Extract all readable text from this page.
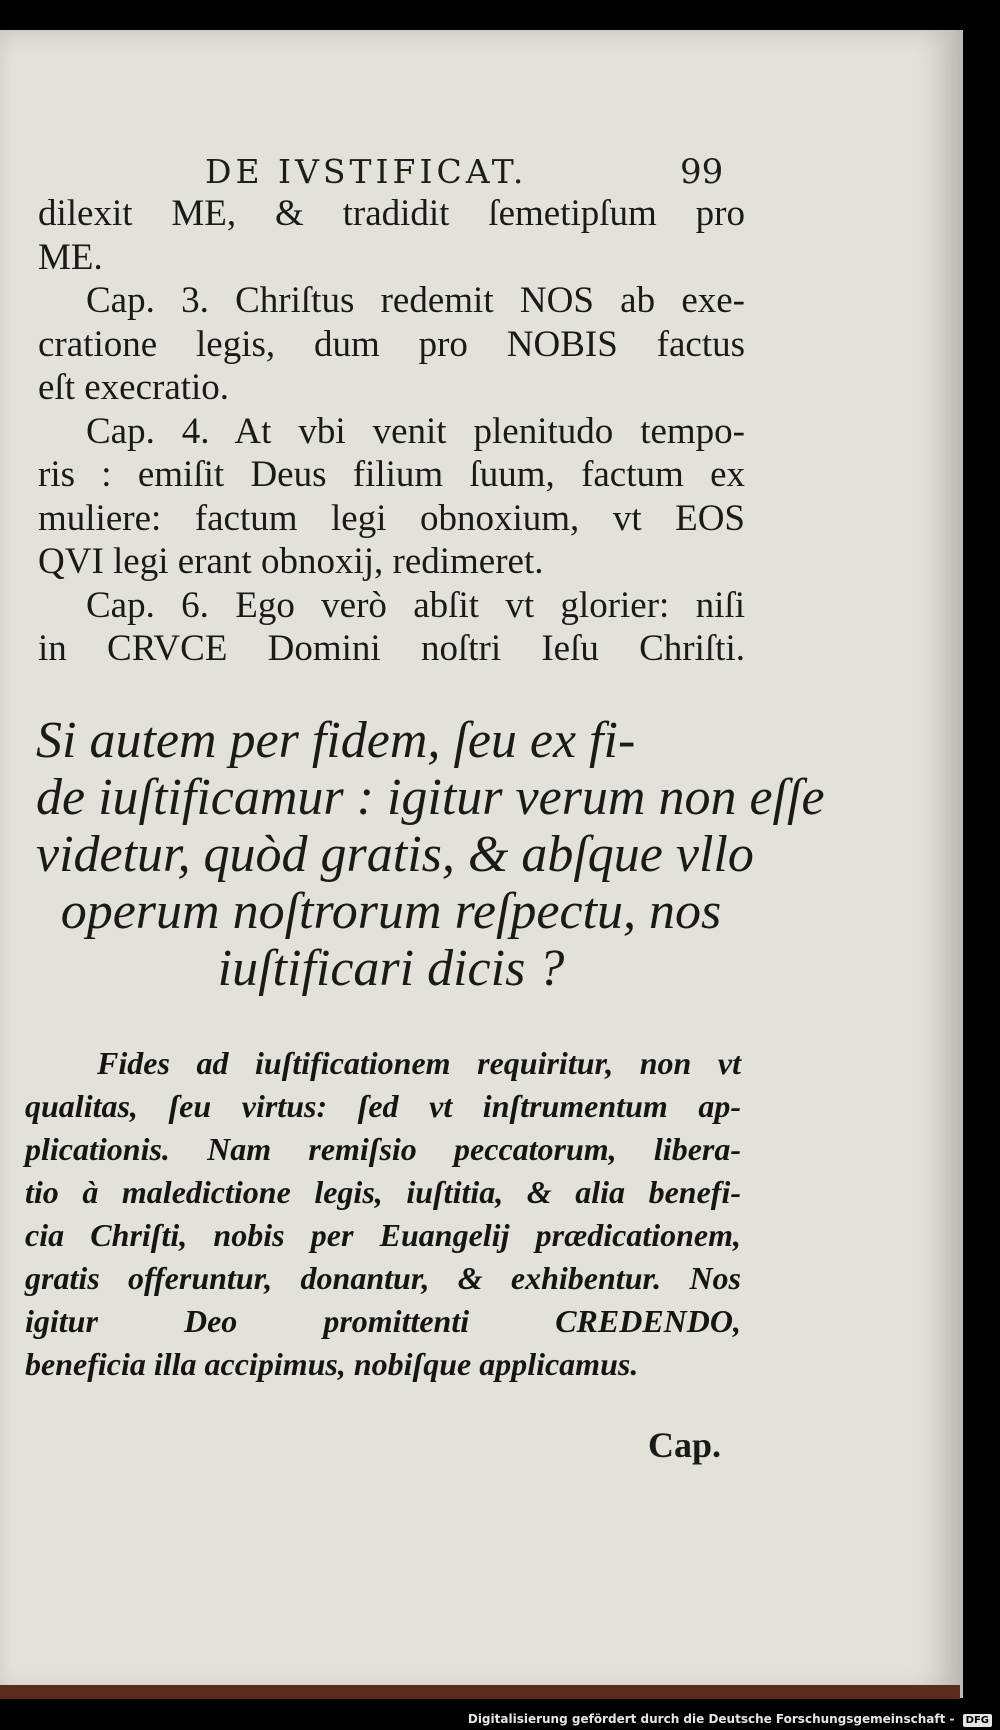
DE IVSTIFICAT.	99
dilexit ME, & tradidit ſemetipſum pro
ME.
Cap. 3. Chriſtus redemit NOS ab exe-
cratione legis, dum pro NOBIS factus
eſt execratio.
Cap. 4. At vbi venit plenitudo tempo-
ris : emiſit Deus filium ſuum, factum ex
muliere: factum legi obnoxium, vt EOS
QVI legi erant obnoxij, redimeret.
Cap. 6. Ego verò abſit vt glorier: niſi
in CRVCE Domini noſtri Ieſu Chriſti.
Si autem per fidem, ſeu ex fi-
de iuſtificamur : igitur verum non eſſe
videtur, quòd gratis, & abſque vllo
operum noſtrorum reſpectu, nos
iuſtificari dicis ?
Fides ad iuſtificationem requiritur, non vt
qualitas, ſeu virtus: ſed vt inſtrumentum ap-
plicationis. Nam remiſsio peccatorum, libera-
tio à maledictione legis, iuſtitia, & alia benefi-
cia Chriſti, nobis per Euangelij prædicationem,
gratis offeruntur, donantur, & exhibentur. Nos
igitur Deo promittenti CREDENDO,
beneficia illa accipimus, nobiſque applicamus.
Cap.
Digitalisierung gefördert durch die Deutsche Forschungsgemeinschaft - DFG
